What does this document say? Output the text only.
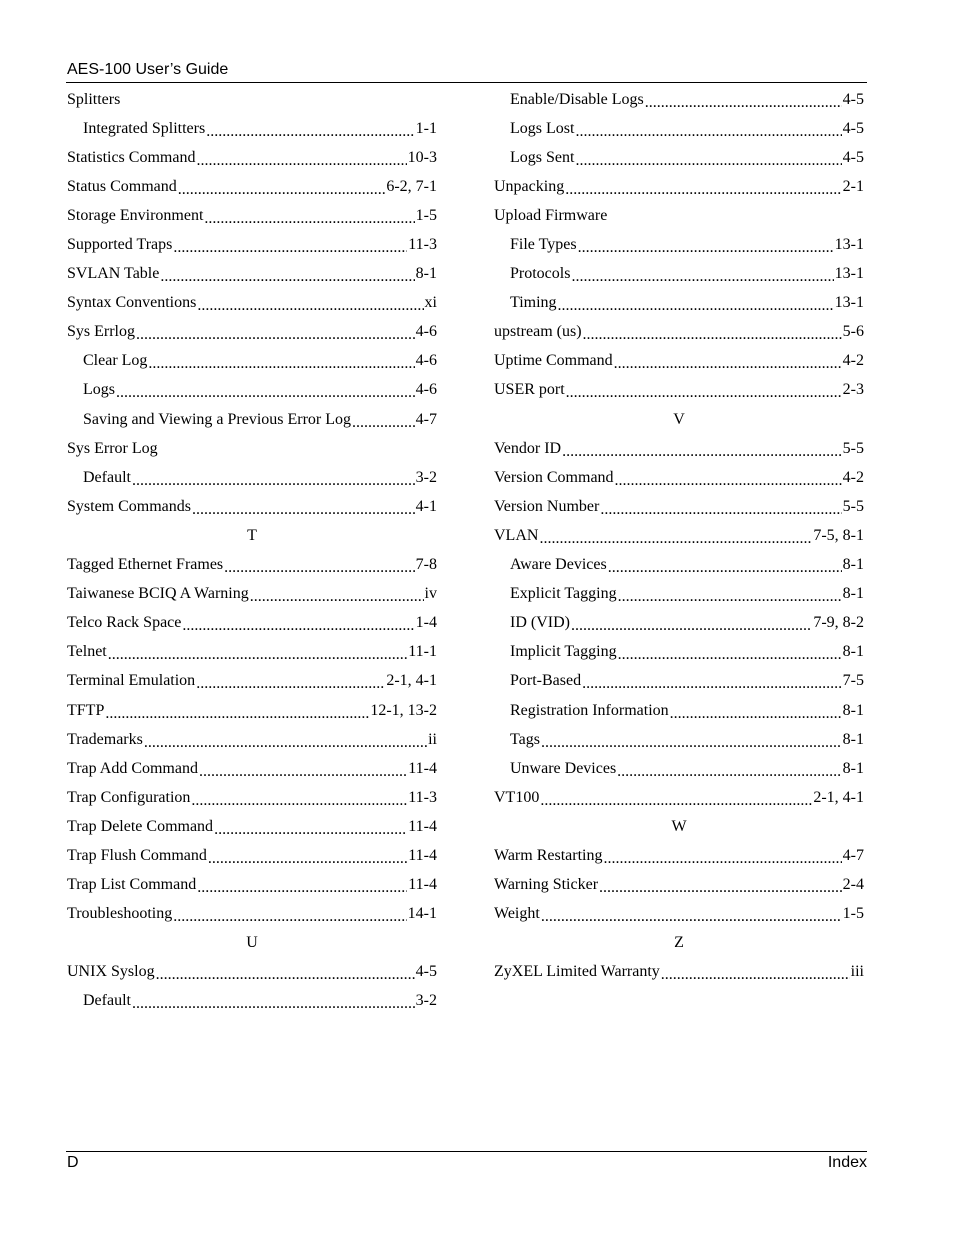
AES-100 User’s Guide
Splitters
Integrated Splitters .....	1-1
Statistics Command .....	10-3
Status Command .....	6-2, 7-1
Storage Environment .....	1-5
Supported Traps .....	11-3
SVLAN Table .....	8-1
Syntax Conventions .....	xi
Sys Errlog .....	4-6
Clear Log .....	4-6
Logs .....	4-6
Saving and Viewing a Previous Error Log .....	4-7
Sys Error Log
Default .....	3-2
System Commands .....	4-1
T
Tagged Ethernet Frames .....	7-8
Taiwanese BCIQ A Warning .....	iv
Telco Rack Space .....	1-4
Telnet .....	11-1
Terminal Emulation .....	2-1, 4-1
TFTP .....	12-1, 13-2
Trademarks .....	ii
Trap Add Command .....	11-4
Trap Configuration .....	11-3
Trap Delete Command .....	11-4
Trap Flush Command .....	11-4
Trap List Command .....	11-4
Troubleshooting .....	14-1
U
UNIX Syslog .....	4-5
Default .....	3-2
Enable/Disable Logs .....	4-5
Logs Lost .....	4-5
Logs Sent .....	4-5
Unpacking .....	2-1
Upload Firmware
File Types .....	13-1
Protocols .....	13-1
Timing .....	13-1
upstream (us) .....	5-6
Uptime Command .....	4-2
USER port .....	2-3
V
Vendor ID .....	5-5
Version Command .....	4-2
Version Number .....	5-5
VLAN .....	7-5, 8-1
Aware Devices .....	8-1
Explicit Tagging .....	8-1
ID (VID) .....	7-9, 8-2
Implicit Tagging .....	8-1
Port-Based .....	7-5
Registration Information .....	8-1
Tags .....	8-1
Unware Devices .....	8-1
VT100 .....	2-1, 4-1
W
Warm Restarting .....	4-7
Warning Sticker .....	2-4
Weight .....	1-5
Z
ZyXEL Limited Warranty .....	iii
D	Index
